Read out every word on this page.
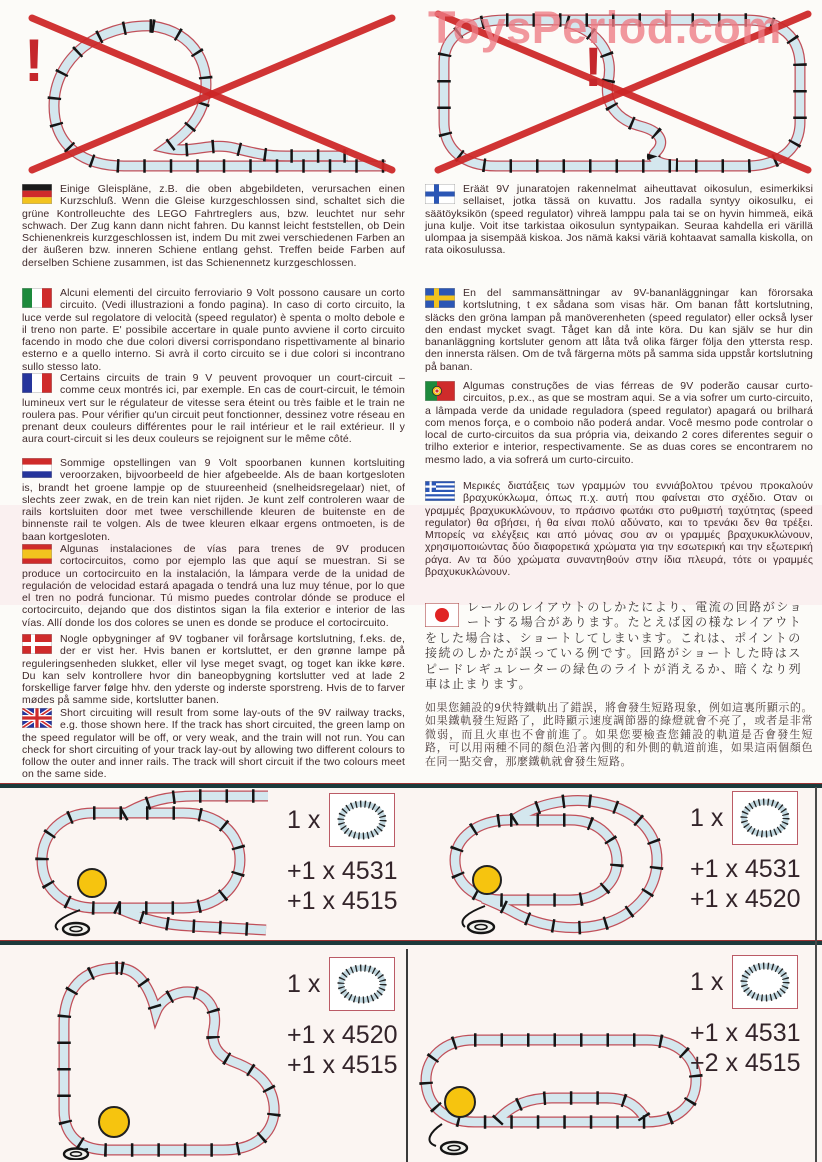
ToysPeriod.com
!	!
Einige Gleispläne, z.B. die oben abgebildeten, verursachen einen Kurzschluß. Wenn die Gleise kurzgeschlossen sind, schaltet sich die grüne Kontrolleuchte des LEGO Fahrtreglers aus, bzw. leuchtet nur sehr schwach. Der Zug kann dann nicht fahren. Du kannst leicht feststellen, ob Dein Schienenkreis kurzgeschlossen ist, indem Du mit zwei verschiedenen Farben an der äußeren bzw. inneren Schiene entlang gehst. Treffen beide Farben auf derselben Schiene zusammen, ist das Schienennetz kurzgeschlossen.
Alcuni elementi del circuito ferroviario 9 Volt possono causare un corto circuito. (Vedi illustrazioni a fondo pagina). In caso di corto circuito, la luce verde sul regolatore di velocità (speed regulator) è spenta o molto debole e il treno non parte. E' possibile accertare in quale punto avviene il corto circuito facendo in modo che due colori diversi corrispondano rispettivamente al binario esterno e a quello interno. Si avrà il corto circuito se i due colori si incontrano sullo stesso lato.
Certains circuits de train 9 V peuvent provoquer un court-circuit – comme ceux montrés ici, par exemple. En cas de court-circuit, le témoin lumineux vert sur le régulateur de vitesse sera éteint ou très faible et le train ne roulera pas. Pour vérifier qu'un circuit peut fonctionner, dessinez votre réseau en prenant deux couleurs différentes pour le rail intérieur et le rail extérieur. Il y aura court-circuit si les deux couleurs se rejoignent sur le même côté.
Sommige opstellingen van 9 Volt spoorbanen kunnen kortsluiting veroorzaken, bijvoorbeeld de hier afgebeelde. Als de baan kortgesloten is, brandt het groene lampje op de stuureenheid (snelheidsregelaar) niet, of slechts zeer zwak, en de trein kan niet rijden. Je kunt zelf controleren waar de rails kortsluiten door met twee verschillende kleuren de buitenste en de binnenste rail te volgen. Als de twee kleuren elkaar ergens ontmoeten, is de baan kortgesloten.
Algunas instalaciones de vías para trenes de 9V producen cortocircuitos, como por ejemplo las que aquí se muestran. Si se produce un cortocircuito en la instalación, la lámpara verde de la unidad de regulación de velocidad estará apagada o tendrá una luz muy ténue, por lo que el tren no podrá funcionar. Tú mismo puedes controlar dónde se produce el cortocircuito, dejando que dos distintos sigan la fila exterior e interior de las vías. Allí donde los dos colores se unen es donde se produce el cortocircuito.
Nogle opbygninger af 9V togbaner vil forårsage kortslutning, f.eks. de, der er vist her. Hvis banen er kortsluttet, er den grønne lampe på reguleringsenheden slukket, eller vil lyse meget svagt, og toget kan ikke køre. Du kan selv kontrollere hvor din baneopbygning kortslutter ved at lade 2 forskellige farver følge hhv. den yderste og inderste sporstreng. Hvis de to farver mødes på samme side, kortslutter banen.
Short circuiting will result from some lay-outs of the 9V railway tracks, e.g. those shown here. If the track has short circuited, the green lamp on the speed regulator will be off, or very weak, and the train will not run. You can check for short circuiting of your track lay-out by allowing two different colours to follow the outer and inner rails. The track will short circuit if the two colours meet on the same side.
Eräät 9V junaratojen rakennelmat aiheuttavat oikosulun, esimerkiksi sellaiset, jotka tässä on kuvattu. Jos radalla syntyy oikosulku, ei säätöyksikön (speed regulator) vihreä lamppu pala tai se on hyvin himmeä, eikä juna kulje. Voit itse tarkistaa oikosulun syntypaikan. Seuraa kahdella eri värillä ulompaa ja sisempää kiskoa. Jos nämä kaksi väriä kohtaavat samalla kiskolla, on rata oikosulussa.
En del sammansättningar av 9V-bananläggningar kan förorsaka kortslutning, t ex sådana som visas här. Om banan fått kortslutning, släcks den gröna lampan på manöverenheten (speed regulator) eller också lyser den endast mycket svagt. Tåget kan då inte köra. Du kan själv se hur din bananläggning kortsluter genom att låta två olika färger följa den yttersta resp. den innersta rälsen. Om de två färgerna möts på samma sida uppstår kortslutning på banan.
Algumas construções de vias férreas de 9V poderão causar curto-circuitos, p.ex., as que se mostram aqui. Se a via sofrer um curto-circuito, a lâmpada verde da unidade reguladora (speed regulator) apagará ou brilhará com menos força, e o comboio não poderá andar. Você mesmo pode controlar o local de curto-circuitos da sua própria via, deixando 2 cores diferentes seguir o trilho exterior e interior, respectivamente. Se as duas cores se encontrarem no mesmo lado, a via sofrerá um curto-circuito.
Μερικές διατάξεις των γραμμών του εννιάβολτου τρένου προκαλούν βραχυκύκλωμα, όπως π.χ. αυτή που φαίνεται στο σχέδιο. Οταν οι γραμμές βραχυκυκλώνουν, το πράσινο φωτάκι στο ρυθμιστή ταχύτητας (speed regulator) θα σβήσει, ή θα είναι πολύ αδύνατο, και το τρενάκι δεν θα τρέξει. Μπορείς να ελέγξεις και από μόνας σου αν οι γραμμές βραχυκυκλώνουν, χρησιμοποιώντας δύο διαφορετικά χρώματα για την εσωτερική και την εξωτερική ράγα. Αν τα δύο χρώματα συναντηθούν στην ίδια πλευρά, τότε οι γραμμές βραχυκυκλώνουν.
レールのレイアウトのしかたにより、電流の回路がショートする場合があります。たとえば図の様なレイアウトをした場合は、ショートしてしまいます。これは、ポイントの接続のしかたが誤っている例です。回路がショートした時はスピードレギュレーターの緑色のライトが消えるか、暗くなり列車は止まります。
如果您鋪設的9伏特鐵軌出了錯誤，將會發生短路現象，例如這裏所顯示的。如果鐵軌發生短路了，此時顯示速度調節器的綠燈就會不亮了，或者是非常微弱，而且火車也不會前進了。如果您要檢查您鋪設的軌道是否會發生短路，可以用兩種不同的顏色沿著內側的和外側的軌道前進，如果這兩個顏色在同一點交會，那麼鐵軌就會發生短路。
1 x
+1 x 4531
+1 x 4515
1 x
+1 x 4531
+1 x 4520
1 x
+1 x 4520
+1 x 4515
1 x
+1 x 4531
+2 x 4515
